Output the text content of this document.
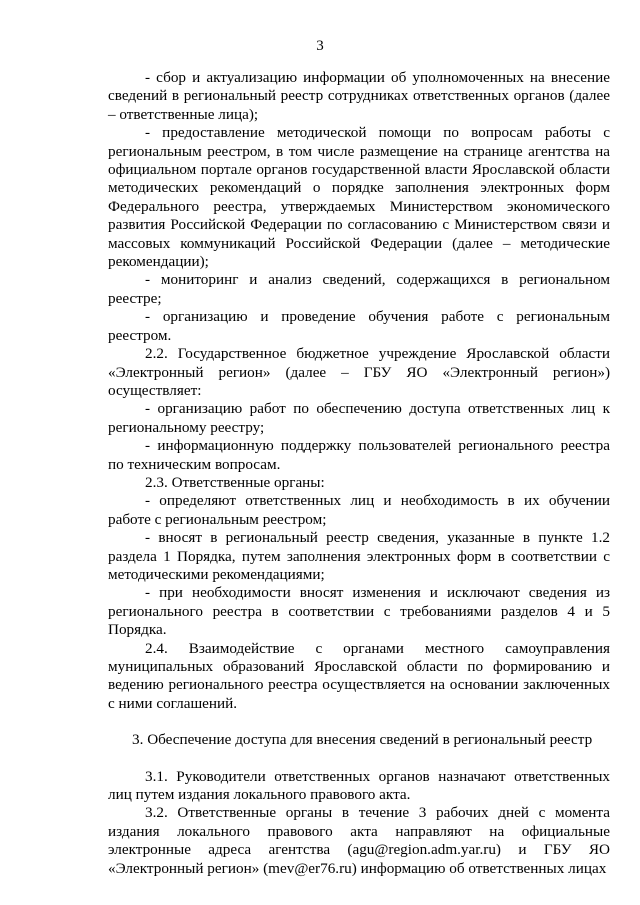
3

- сбор и актуализацию информации об уполномоченных на внесение сведений в региональный реестр сотрудниках ответственных органов (далее – ответственные лица);

- предоставление методической помощи по вопросам работы с региональным реестром, в том числе размещение на странице агентства на официальном портале органов государственной власти Ярославской области методических рекомендаций о порядке заполнения электронных форм Федерального реестра, утверждаемых Министерством экономического развития Российской Федерации по согласованию с Министерством связи и массовых коммуникаций Российской Федерации (далее – методические рекомендации);

- мониторинг и анализ сведений, содержащихся в региональном реестре;

- организацию и проведение обучения работе с региональным реестром.

2.2. Государственное бюджетное учреждение Ярославской области «Электронный регион» (далее – ГБУ ЯО «Электронный регион») осуществляет:

- организацию работ по обеспечению доступа ответственных лиц к региональному реестру;

- информационную поддержку пользователей регионального реестра по техническим вопросам.

2.3. Ответственные органы:

- определяют ответственных лиц и необходимость в их обучении работе с региональным реестром;

- вносят в региональный реестр сведения, указанные в пункте 1.2 раздела 1 Порядка, путем заполнения электронных форм в соответствии с методическими рекомендациями;

- при необходимости вносят изменения и исключают сведения из регионального реестра в соответствии с требованиями разделов 4 и 5 Порядка.

2.4. Взаимодействие с органами местного самоуправления муниципальных образований Ярославской области по формированию и ведению регионального реестра осуществляется на основании заключенных с ними соглашений.

3. Обеспечение доступа для внесения сведений в региональный реестр

3.1. Руководители ответственных органов назначают ответственных лиц путем издания локального правового акта.

3.2. Ответственные органы в течение 3 рабочих дней с момента издания локального правового акта направляют на официальные электронные адреса агентства (agu@region.adm.yar.ru) и ГБУ ЯО «Электронный регион» (mev@er76.ru) информацию об ответственных лицах
